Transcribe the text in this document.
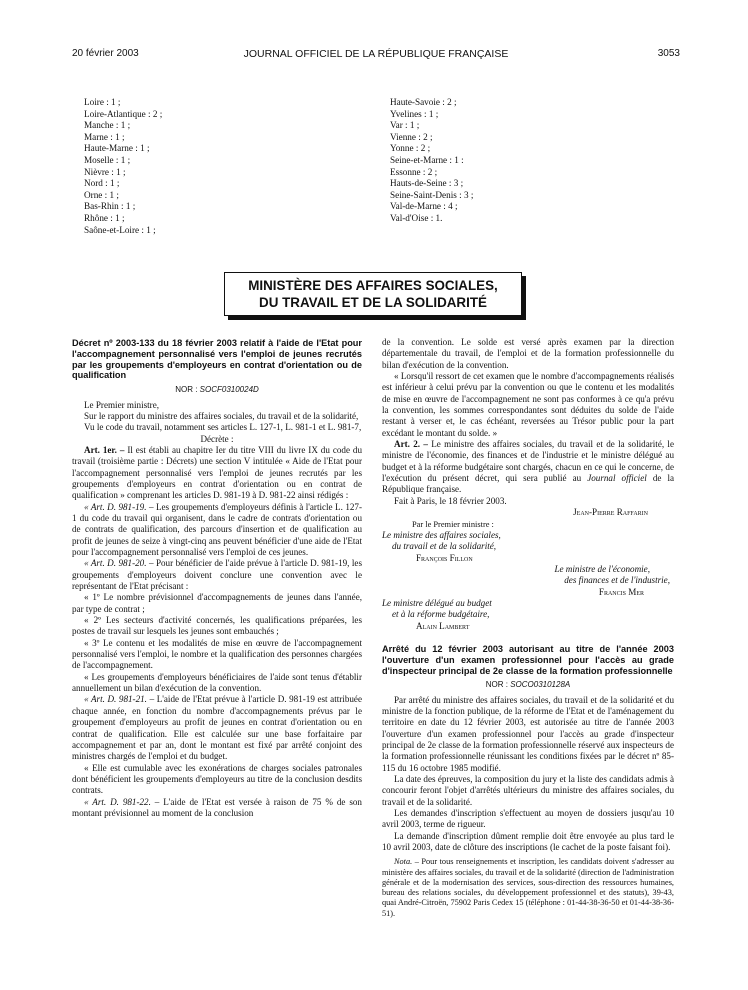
20 février 2003	JOURNAL OFFICIEL DE LA RÉPUBLIQUE FRANÇAISE	3053
Loire : 1 ;
Loire-Atlantique : 2 ;
Manche : 1 ;
Marne : 1 ;
Haute-Marne : 1 ;
Moselle : 1 ;
Nièvre : 1 ;
Nord : 1 ;
Orne : 1 ;
Bas-Rhin : 1 ;
Rhône : 1 ;
Saône-et-Loire : 1 ;
Haute-Savoie : 2 ;
Yvelines : 1 ;
Var : 1 ;
Vienne : 2 ;
Yonne : 2 ;
Seine-et-Marne : 1 :
Essonne : 2 ;
Hauts-de-Seine : 3 ;
Seine-Saint-Denis : 3 ;
Val-de-Marne : 4 ;
Val-d'Oise : 1.
MINISTÈRE DES AFFAIRES SOCIALES,
DU TRAVAIL ET DE LA SOLIDARITÉ

Décret nº 2003-133 du 18 février 2003 relatif à l'aide de l'Etat pour l'accompagnement personnalisé vers l'emploi de jeunes recrutés par les groupements d'employeurs en contrat d'orientation ou de qualification

NOR : SOCF0310024D

Le Premier ministre,

Sur le rapport du ministre des affaires sociales, du travail et de la solidarité,

Vu le code du travail, notamment ses articles L. 127-1, L. 981-1 et L. 981-7,

Décrète :

Art. 1er. – Il est établi au chapitre Ier du titre VIII du livre IX du code du travail (troisième partie : Décrets) une section V intitulée « Aide de l'Etat pour l'accompagnement personnalisé vers l'emploi de jeunes recrutés par les groupements d'employeurs en contrat d'orientation ou en contrat de qualification » comprenant les articles D. 981-19 à D. 981-22 ainsi rédigés :

« Art. D. 981-19. – Les groupements d'employeurs définis à l'article L. 127-1 du code du travail qui organisent, dans le cadre de contrats d'orientation ou de contrats de qualification, des parcours d'insertion et de qualification au profit de jeunes de seize à vingt-cinq ans peuvent bénéficier d'une aide de l'Etat pour l'accompagnement personnalisé vers l'emploi de ces jeunes.

« Art. D. 981-20. – Pour bénéficier de l'aide prévue à l'article D. 981-19, les groupements d'employeurs doivent conclure une convention avec le représentant de l'Etat précisant :

« 1º Le nombre prévisionnel d'accompagnements de jeunes dans l'année, par type de contrat ;

« 2º Les secteurs d'activité concernés, les qualifications préparées, les postes de travail sur lesquels les jeunes sont embauchés ;

« 3º Le contenu et les modalités de mise en œuvre de l'accompagnement personnalisé vers l'emploi, le nombre et la qualification des personnes chargées de l'accompagnement.

« Les groupements d'employeurs bénéficiaires de l'aide sont tenus d'établir annuellement un bilan d'exécution de la convention.

« Art. D. 981-21. – L'aide de l'Etat prévue à l'article D. 981-19 est attribuée chaque année, en fonction du nombre d'accompagnements prévus par le groupement d'employeurs au profit de jeunes en contrat d'orientation ou en contrat de qualification. Elle est calculée sur une base forfaitaire par accompagnement et par an, dont le montant est fixé par arrêté conjoint des ministres chargés de l'emploi et du budget.

« Elle est cumulable avec les exonérations de charges sociales patronales dont bénéficient les groupements d'employeurs au titre de la conclusion desdits contrats.

« Art. D. 981-22. – L'aide de l'Etat est versée à raison de 75 % de son montant prévisionnel au moment de la conclusion

de la convention. Le solde est versé après examen par la direction départementale du travail, de l'emploi et de la formation professionnelle du bilan d'exécution de la convention.

« Lorsqu'il ressort de cet examen que le nombre d'accompagnements réalisés est inférieur à celui prévu par la convention ou que le contenu et les modalités de mise en œuvre de l'accompagnement ne sont pas conformes à ce qu'a prévu la convention, les sommes correspondantes sont déduites du solde de l'aide restant à verser et, le cas échéant, reversées au Trésor public pour la part excédant le montant du solde. »

Art. 2. – Le ministre des affaires sociales, du travail et de la solidarité, le ministre de l'économie, des finances et de l'industrie et le ministre délégué au budget et à la réforme budgétaire sont chargés, chacun en ce qui le concerne, de l'exécution du présent décret, qui sera publié au Journal officiel de la République française.

Fait à Paris, le 18 février 2003.

Jean-Pierre Raffarin

Par le Premier ministre :

Le ministre des affaires sociales,

du travail et de la solidarité,

François Fillon

Le ministre de l'économie,

des finances et de l'industrie,

Francis Mer

Le ministre délégué au budget

et à la réforme budgétaire,

Alain Lambert

Arrêté du 12 février 2003 autorisant au titre de l'année 2003 l'ouverture d'un examen professionnel pour l'accès au grade d'inspecteur principal de 2e classe de la formation professionnelle

NOR : SOCO0310128A

Par arrêté du ministre des affaires sociales, du travail et de la solidarité et du ministre de la fonction publique, de la réforme de l'Etat et de l'aménagement du territoire en date du 12 février 2003, est autorisée au titre de l'année 2003 l'ouverture d'un examen professionnel pour l'accès au grade d'inspecteur principal de 2e classe de la formation professionnelle réservé aux inspecteurs de la formation professionnelle réunissant les conditions fixées par le décret nº 85-115 du 16 octobre 1985 modifié.

La date des épreuves, la composition du jury et la liste des candidats admis à concourir feront l'objet d'arrêtés ultérieurs du ministre des affaires sociales, du travail et de la solidarité.

Les demandes d'inscription s'effectuent au moyen de dossiers jusqu'au 10 avril 2003, terme de rigueur.

La demande d'inscription dûment remplie doit être envoyée au plus tard le 10 avril 2003, date de clôture des inscriptions (le cachet de la poste faisant foi).

Nota. – Pour tous renseignements et inscription, les candidats doivent s'adresser au ministère des affaires sociales, du travail et de la solidarité (direction de l'administration générale et de la modernisation des services, sous-direction des ressources humaines, bureau des relations sociales, du développement professionnel et des statuts), 39-43, quai André-Citroën, 75902 Paris Cedex 15 (téléphone : 01-44-38-36-50 et 01-44-38-36-51).
